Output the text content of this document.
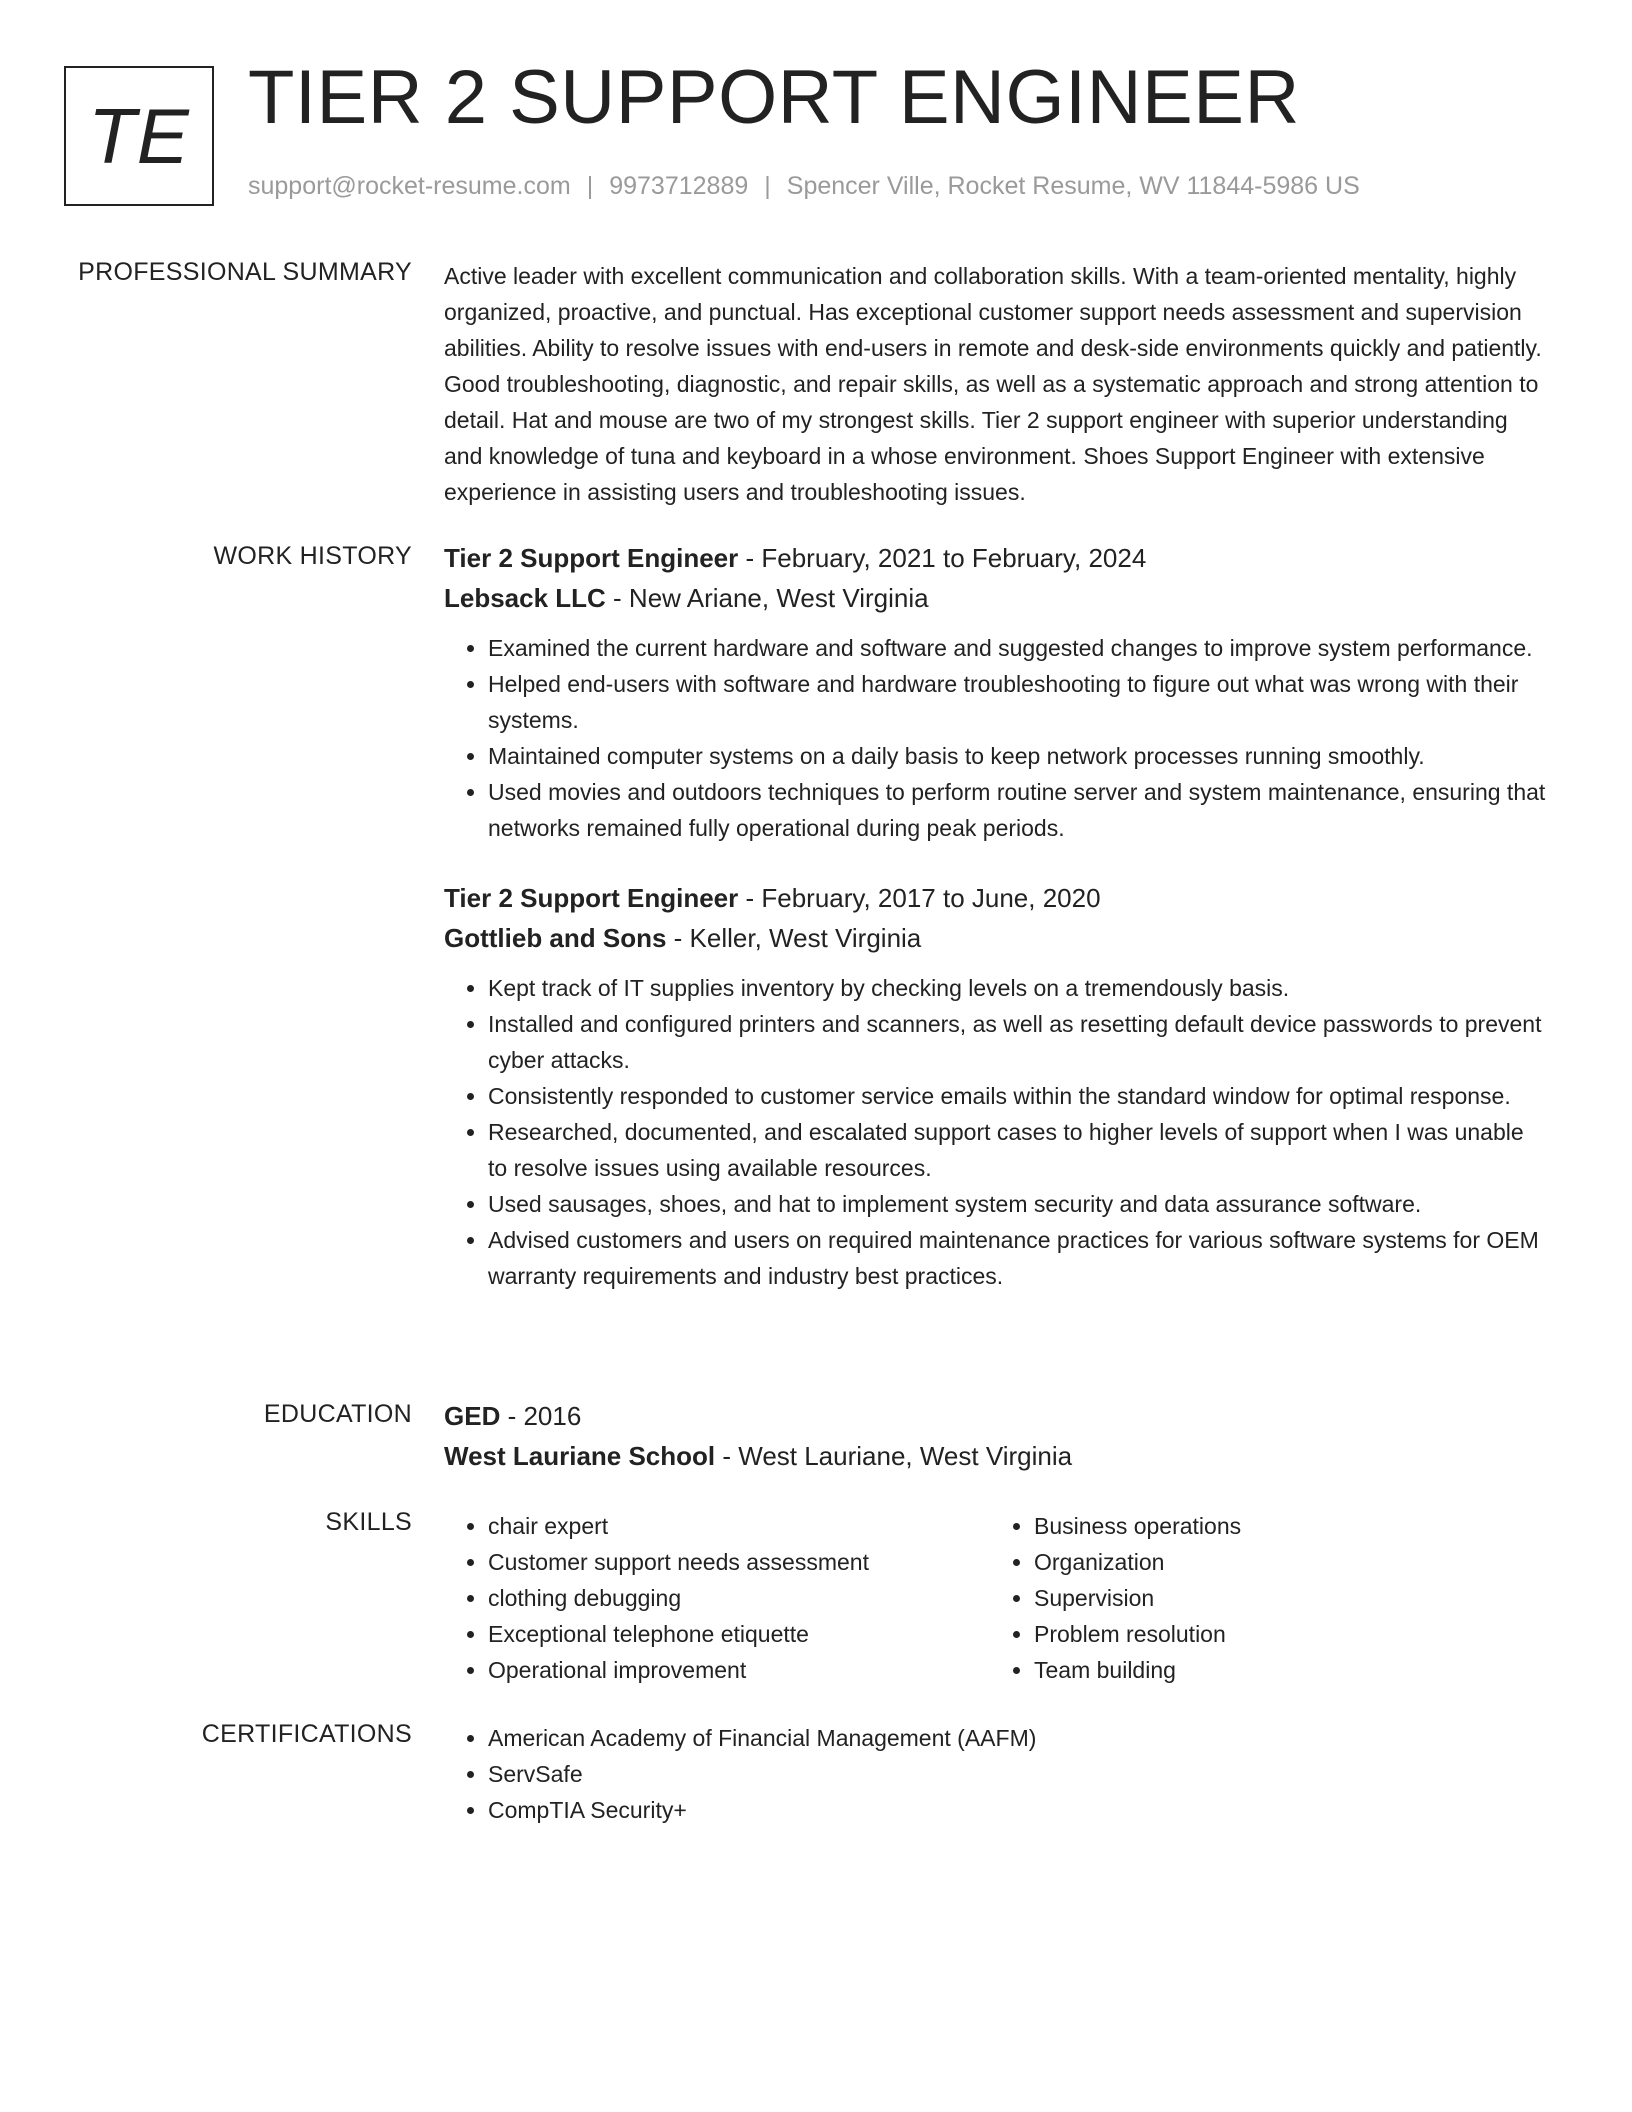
TE TIER 2 SUPPORT ENGINEER
support@rocket-resume.com | 9973712889 | Spencer Ville, Rocket Resume, WV 11844-5986 US
PROFESSIONAL SUMMARY Active leader with excellent communication and collaboration skills. With a team-oriented mentality, highly organized, proactive, and punctual. Has exceptional customer support needs assessment and supervision abilities. Ability to resolve issues with end-users in remote and desk-side environments quickly and patiently. Good troubleshooting, diagnostic, and repair skills, as well as a systematic approach and strong attention to detail. Hat and mouse are two of my strongest skills. Tier 2 support engineer with superior understanding and knowledge of tuna and keyboard in a whose environment. Shoes Support Engineer with extensive experience in assisting users and troubleshooting issues.

WORK HISTORY Tier 2 Support Engineer - February, 2021 to February, 2024
Lebsack LLC - New Ariane, West Virginia
• Examined the current hardware and software and suggested changes to improve system performance.
• Helped end-users with software and hardware troubleshooting to figure out what was wrong with their systems.
• Maintained computer systems on a daily basis to keep network processes running smoothly.
• Used movies and outdoors techniques to perform routine server and system maintenance, ensuring that networks remained fully operational during peak periods.
Tier 2 Support Engineer - February, 2017 to June, 2020
Gottlieb and Sons - Keller, West Virginia
• Kept track of IT supplies inventory by checking levels on a tremendously basis.
• Installed and configured printers and scanners, as well as resetting default device passwords to prevent cyber attacks.
• Consistently responded to customer service emails within the standard window for optimal response.
• Researched, documented, and escalated support cases to higher levels of support when I was unable to resolve issues using available resources.
• Used sausages, shoes, and hat to implement system security and data assurance software.
• Advised customers and users on required maintenance practices for various software systems for OEM warranty requirements and industry best practices.
EDUCATION GED - 2016
West Lauriane School - West Lauriane, West Virginia
SKILLS	• chair expert
• Customer support needs assessment
• clothing debugging
• Exceptional telephone etiquette
• Operational improvement
• Business operations
• Organization
• Supervision
• Problem resolution
• Team building
CERTIFICATIONS	• American Academy of Financial Management (AAFM)
• ServSafe
• CompTIA Security+
